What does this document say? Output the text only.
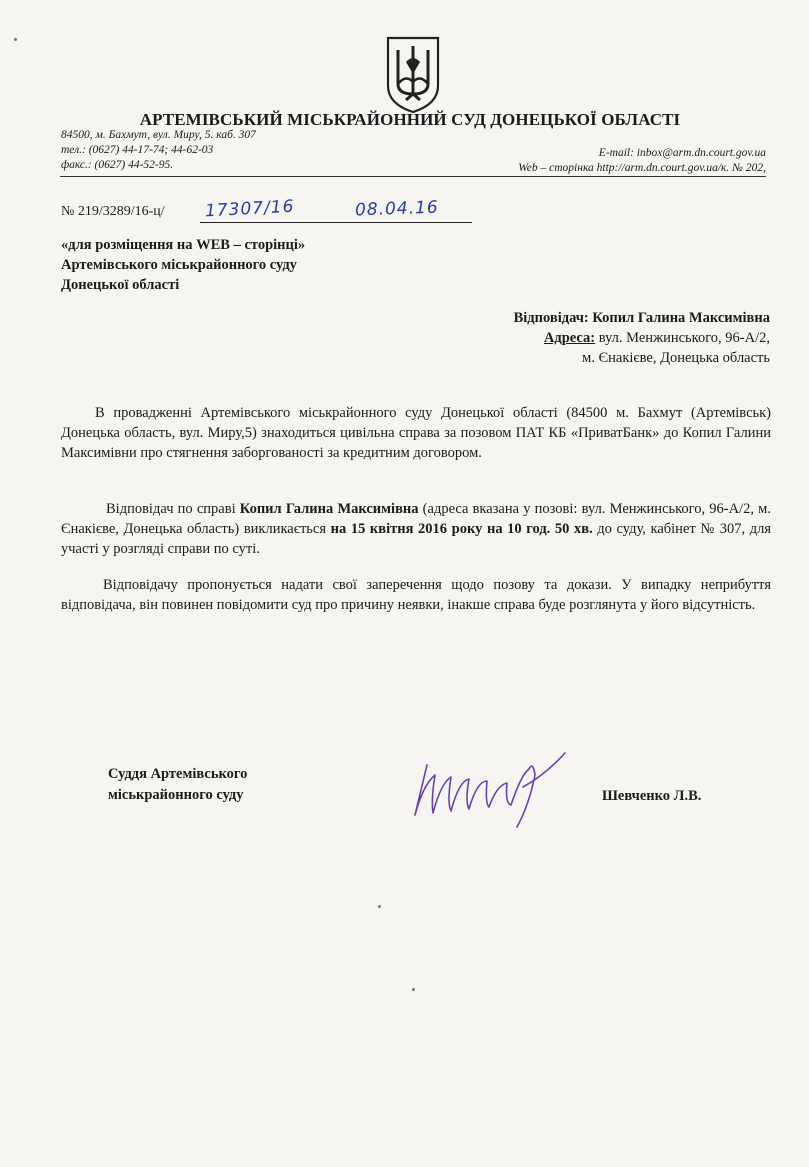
АРТЕМІВСЬКИЙ МІСЬКРАЙОННИЙ СУД ДОНЕЦЬКОЇ ОБЛАСТІ
84500, м. Бахмут, вул. Миру, 5. каб. 307
тел.: (0627) 44-17-74; 44-62-03
факс.: (0627) 44-52-95.
E-mail: inbox@arm.dn.court.gov.ua
Web – сторінка http://arm.dn.court.gov.ua/к. № 202,
№ 219/3289/16-ц/ 17307/16	08.04.16
«для розміщення на WEB – сторінці»
Артемівського міськрайонного суду
Донецької області
Відповідач: Копил Галина Максимівна
Адреса: вул. Менжинського, 96-А/2,
м. Єнакієве, Донецька область
В провадженні Артемівського міськрайонного суду Донецької області (84500 м. Бахмут (Артемівськ) Донецька область, вул. Миру,5) знаходиться цивільна справа за позовом ПАТ КБ «ПриватБанк» до Копил Галини Максимівни про стягнення заборгованості за кредитним договором.
Відповідач по справі Копил Галина Максимівна (адреса вказана у позові: вул. Менжинського, 96-А/2, м. Єнакієве, Донецька область) викликається на 15 квітня 2016 року на 10 год. 50 хв. до суду, кабінет № 307, для участі у розгляді справи по суті.
Відповідачу пропонується надати свої заперечення щодо позову та докази. У випадку неприбуття відповідача, він повинен повідомити суд про причину неявки, інакше справа буде розглянута у його відсутність.
Суддя Артемівського
міськрайонного суду	Шевченко Л.В.
